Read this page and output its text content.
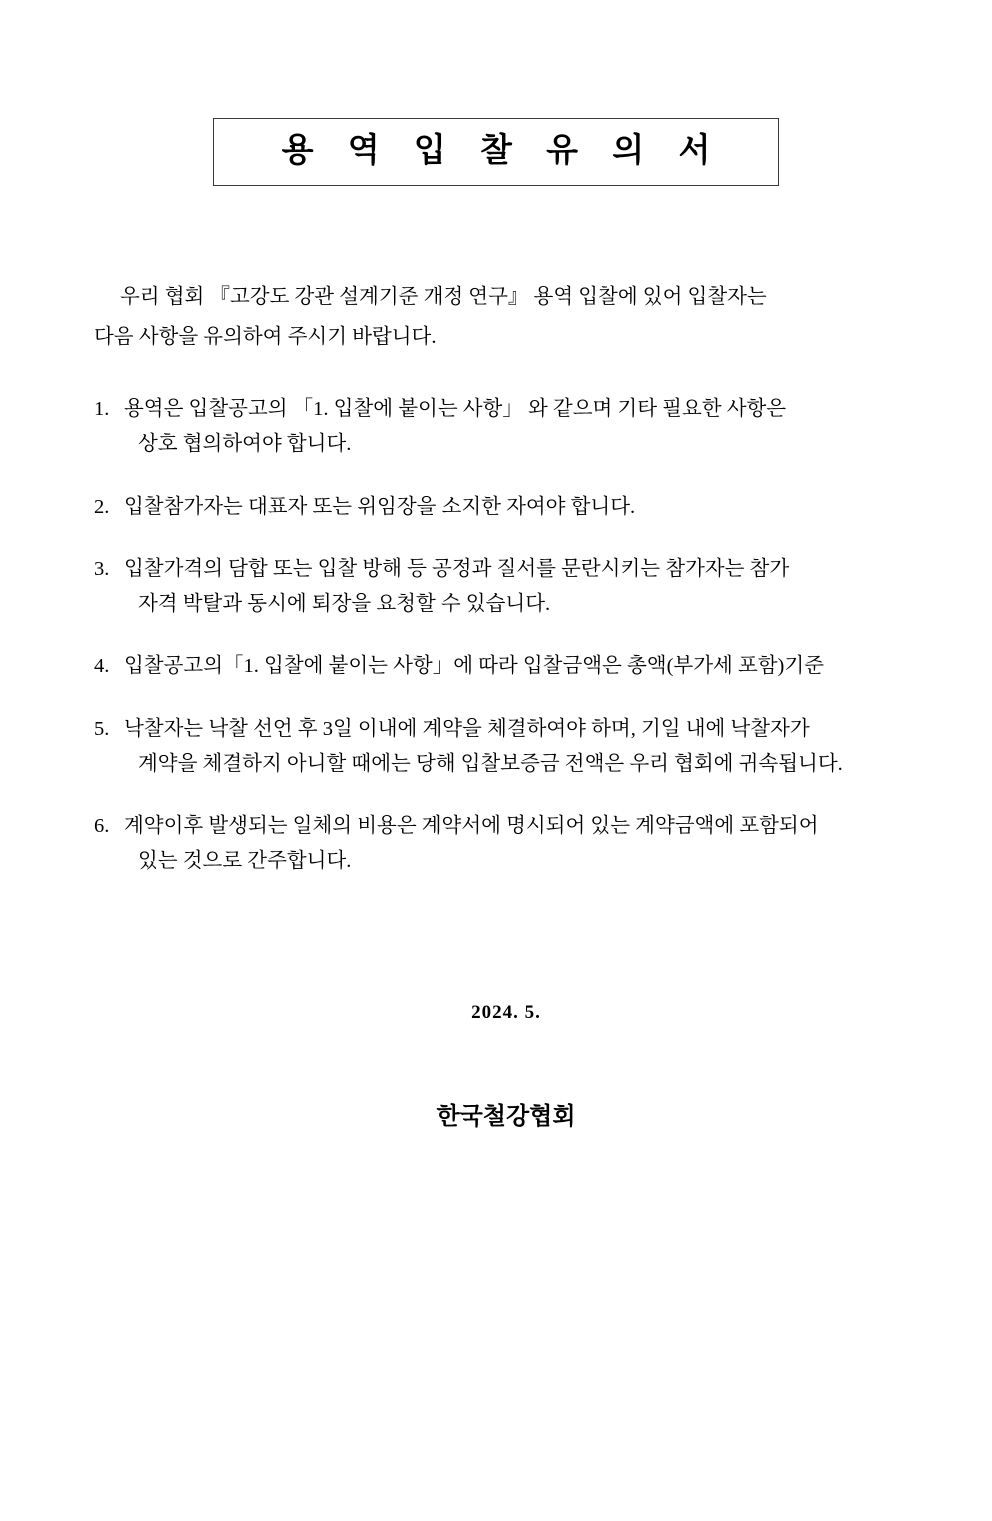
용 역 입 찰 유 의 서
우리 협회 『고강도 강관 설계기준 개정 연구』 용역 입찰에 있어 입찰자는
다음 사항을 유의하여 주시기 바랍니다.
1. 용역은 입찰공고의 「1. 입찰에 붙이는 사항」 와 같으며 기타 필요한 사항은
상호 협의하여야 합니다.
2. 입찰참가자는 대표자 또는 위임장을 소지한 자여야 합니다.
3. 입찰가격의 담합 또는 입찰 방해 등 공정과 질서를 문란시키는 참가자는 참가
자격 박탈과 동시에 퇴장을 요청할 수 있습니다.
4. 입찰공고의「1. 입찰에 붙이는 사항」에 따라 입찰금액은 총액(부가세 포함)기준
5. 낙찰자는 낙찰 선언 후 3일 이내에 계약을 체결하여야 하며, 기일 내에 낙찰자가
계약을 체결하지 아니할 때에는 당해 입찰보증금 전액은 우리 협회에 귀속됩니다.
6. 계약이후 발생되는 일체의 비용은 계약서에 명시되어 있는 계약금액에 포함되어
있는 것으로 간주합니다.
2024. 5.
한국철강협회
